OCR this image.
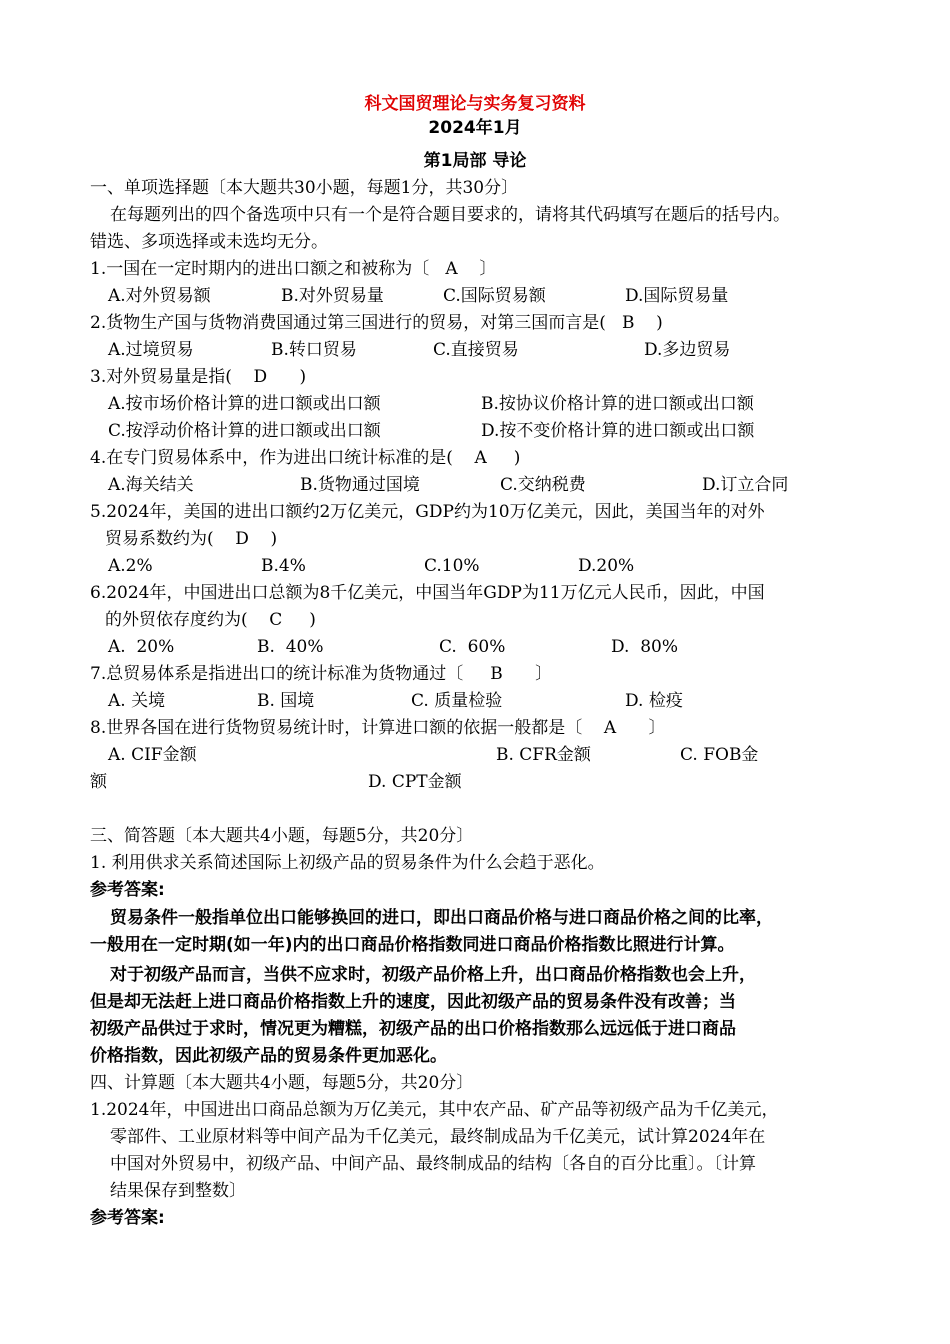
科文国贸理论与实务复习资料
2024年1月
第1局部 导论
一、单项选择题〔本大题共30小题，每题1分，共30分〕
在每题列出的四个备选项中只有一个是符合题目要求的，请将其代码填写在题后的括号内。
错选、多项选择或未选均无分。
1.一国在一定时期内的进出口额之和被称为〔   A    〕
A.对外贸易额	B.对外贸易量	C.国际贸易额	D.国际贸易量
2.货物生产国与货物消费国通过第三国进行的贸易，对第三国而言是(   B    )
A.过境贸易	B.转口贸易	C.直接贸易	D.多边贸易
3.对外贸易量是指(    D      )
A.按市场价格计算的进口额或出口额	B.按协议价格计算的进口额或出口额
C.按浮动价格计算的进口额或出口额	D.按不变价格计算的进口额或出口额
4.在专门贸易体系中，作为进出口统计标准的是(    A     )
A.海关结关	B.货物通过国境	C.交纳税费	D.订立合同
5.2024年，美国的进出口额约2万亿美元，GDP约为10万亿美元，因此，美国当年的对外
贸易系数约为(    D    )
A.2%	B.4%	C.10%	D.20%
6.2024年，中国进出口总额为8千亿美元，中国当年GDP为11万亿元人民币，因此，中国
的外贸依存度约为(    C     )
A.  20%	B.  40%	C.  60%	D.  80%
7.总贸易体系是指进出口的统计标准为货物通过〔     B      〕
A. 关境	B. 国境	C. 质量检验	D. 检疫
8.世界各国在进行货物贸易统计时，计算进口额的依据一般都是〔    A      〕
A. CIF金额	B. CFR金额	C. FOB金
额	D. CPT金额
三、简答题〔本大题共4小题，每题5分，共20分〕
1. 利用供求关系简述国际上初级产品的贸易条件为什么会趋于恶化。
参考答案:
贸易条件一般指单位出口能够换回的进口，即出口商品价格与进口商品价格之间的比率，
一般用在一定时期(如一年)内的出口商品价格指数同进口商品价格指数比照进行计算。
对于初级产品而言，当供不应求时，初级产品价格上升，出口商品价格指数也会上升，
但是却无法赶上进口商品价格指数上升的速度，因此初级产品的贸易条件没有改善；当
初级产品供过于求时，情况更为糟糕，初级产品的出口价格指数那么远远低于进口商品
价格指数，因此初级产品的贸易条件更加恶化。
四、计算题〔本大题共4小题，每题5分，共20分〕
1.2024年，中国进出口商品总额为万亿美元，其中农产品、矿产品等初级产品为千亿美元，
零部件、工业原材料等中间产品为千亿美元，最终制成品为千亿美元，试计算2024年在
中国对外贸易中，初级产品、中间产品、最终制成品的结构〔各自的百分比重〕。〔计算
结果保存到整数〕
参考答案:
